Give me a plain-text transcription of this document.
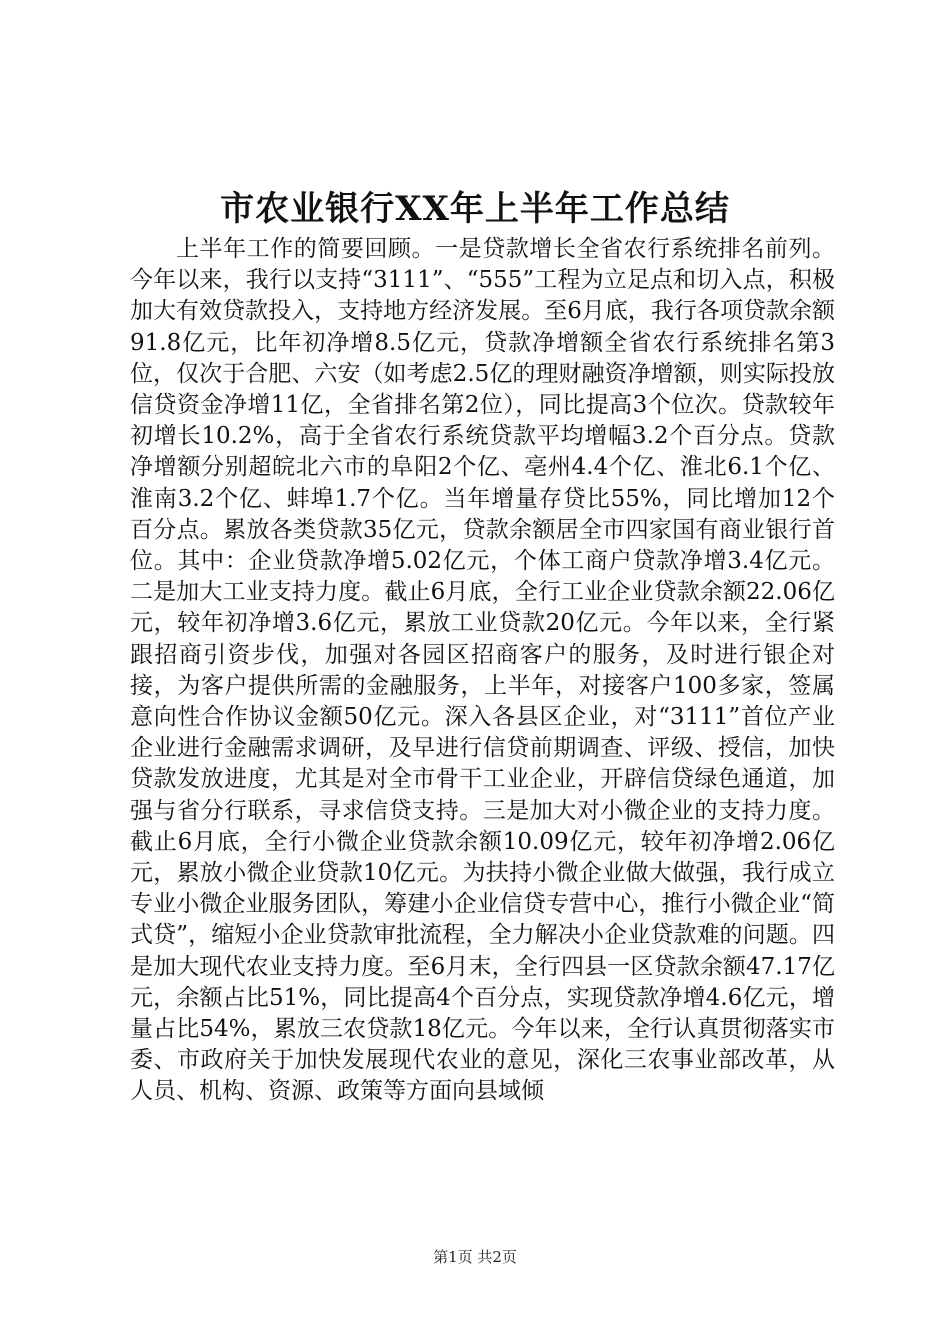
市农业银行XX年上半年工作总结

上半年工作的简要回顾。一是贷款增长全省农行系统排名前列。今年以来，我行以支持“3111”、“555”工程为立足点和切入点，积极加大有效贷款投入，支持地方经济发展。至6月底，我行各项贷款余额91.8亿元，比年初净增8.5亿元，贷款净增额全省农行系统排名第3位，仅次于合肥、六安（如考虑2.5亿的理财融资净增额，则实际投放信贷资金净增11亿，全省排名第2位），同比提高3个位次。贷款较年初增长10.2%，高于全省农行系统贷款平均增幅3.2个百分点。贷款净增额分别超皖北六市的阜阳2个亿、亳州4.4个亿、淮北6.1个亿、淮南3.2个亿、蚌埠1.7个亿。当年增量存贷比55%，同比增加12个百分点。累放各类贷款35亿元，贷款余额居全市四家国有商业银行首位。其中：企业贷款净增5.02亿元，个体工商户贷款净增3.4亿元。二是加大工业支持力度。截止6月底，全行工业企业贷款余额22.06亿元，较年初净增3.6亿元，累放工业贷款20亿元。今年以来，全行紧跟招商引资步伐，加强对各园区招商客户的服务，及时进行银企对接，为客户提供所需的金融服务，上半年，对接客户100多家，签属意向性合作协议金额50亿元。深入各县区企业，对“3111”首位产业企业进行金融需求调研，及早进行信贷前期调查、评级、授信，加快贷款发放进度，尤其是对全市骨干工业企业，开辟信贷绿色通道，加强与省分行联系，寻求信贷支持。三是加大对小微企业的支持力度。截止6月底，全行小微企业贷款余额10.09亿元，较年初净增2.06亿元，累放小微企业贷款10亿元。为扶持小微企业做大做强，我行成立专业小微企业服务团队，筹建小企业信贷专营中心，推行小微企业“简式贷”，缩短小企业贷款审批流程，全力解决小企业贷款难的问题。四是加大现代农业支持力度。至6月末，全行四县一区贷款余额47.17亿元，余额占比51%，同比提高4个百分点，实现贷款净增4.6亿元，增量占比54%，累放三农贷款18亿元。今年以来，全行认真贯彻落实市委、市政府关于加快发展现代农业的意见，深化三农事业部改革，从人员、机构、资源、政策等方面向县域倾

第1页 共2页
